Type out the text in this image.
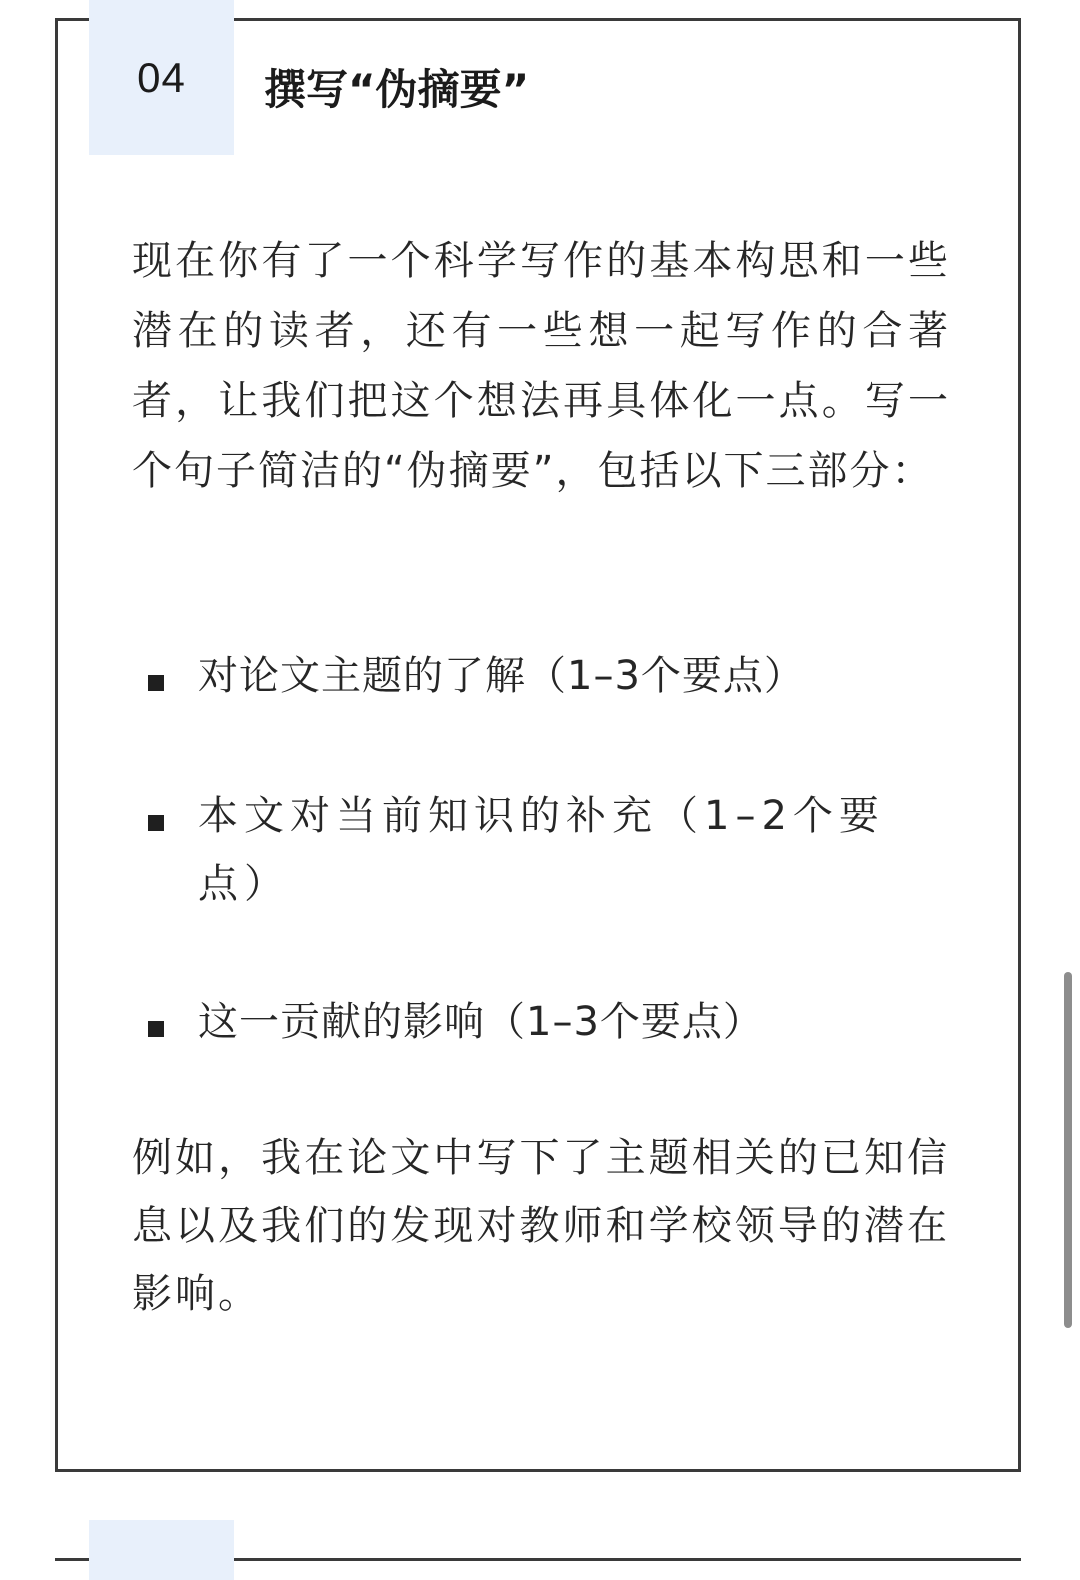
04 撰写“伪摘要”
现在你有了一个科学写作的基本构思和一些潜在的读者，还有一些想一起写作的合著者，让我们把这个想法再具体化一点。写一个句子简洁的“伪摘要”，包括以下三部分：
对论文主题的了解（1–3个要点）
本文对当前知识的补充（1–2个要点）
这一贡献的影响（1–3个要点）
例如，我在论文中写下了主题相关的已知信息以及我们的发现对教师和学校领导的潜在影响。
